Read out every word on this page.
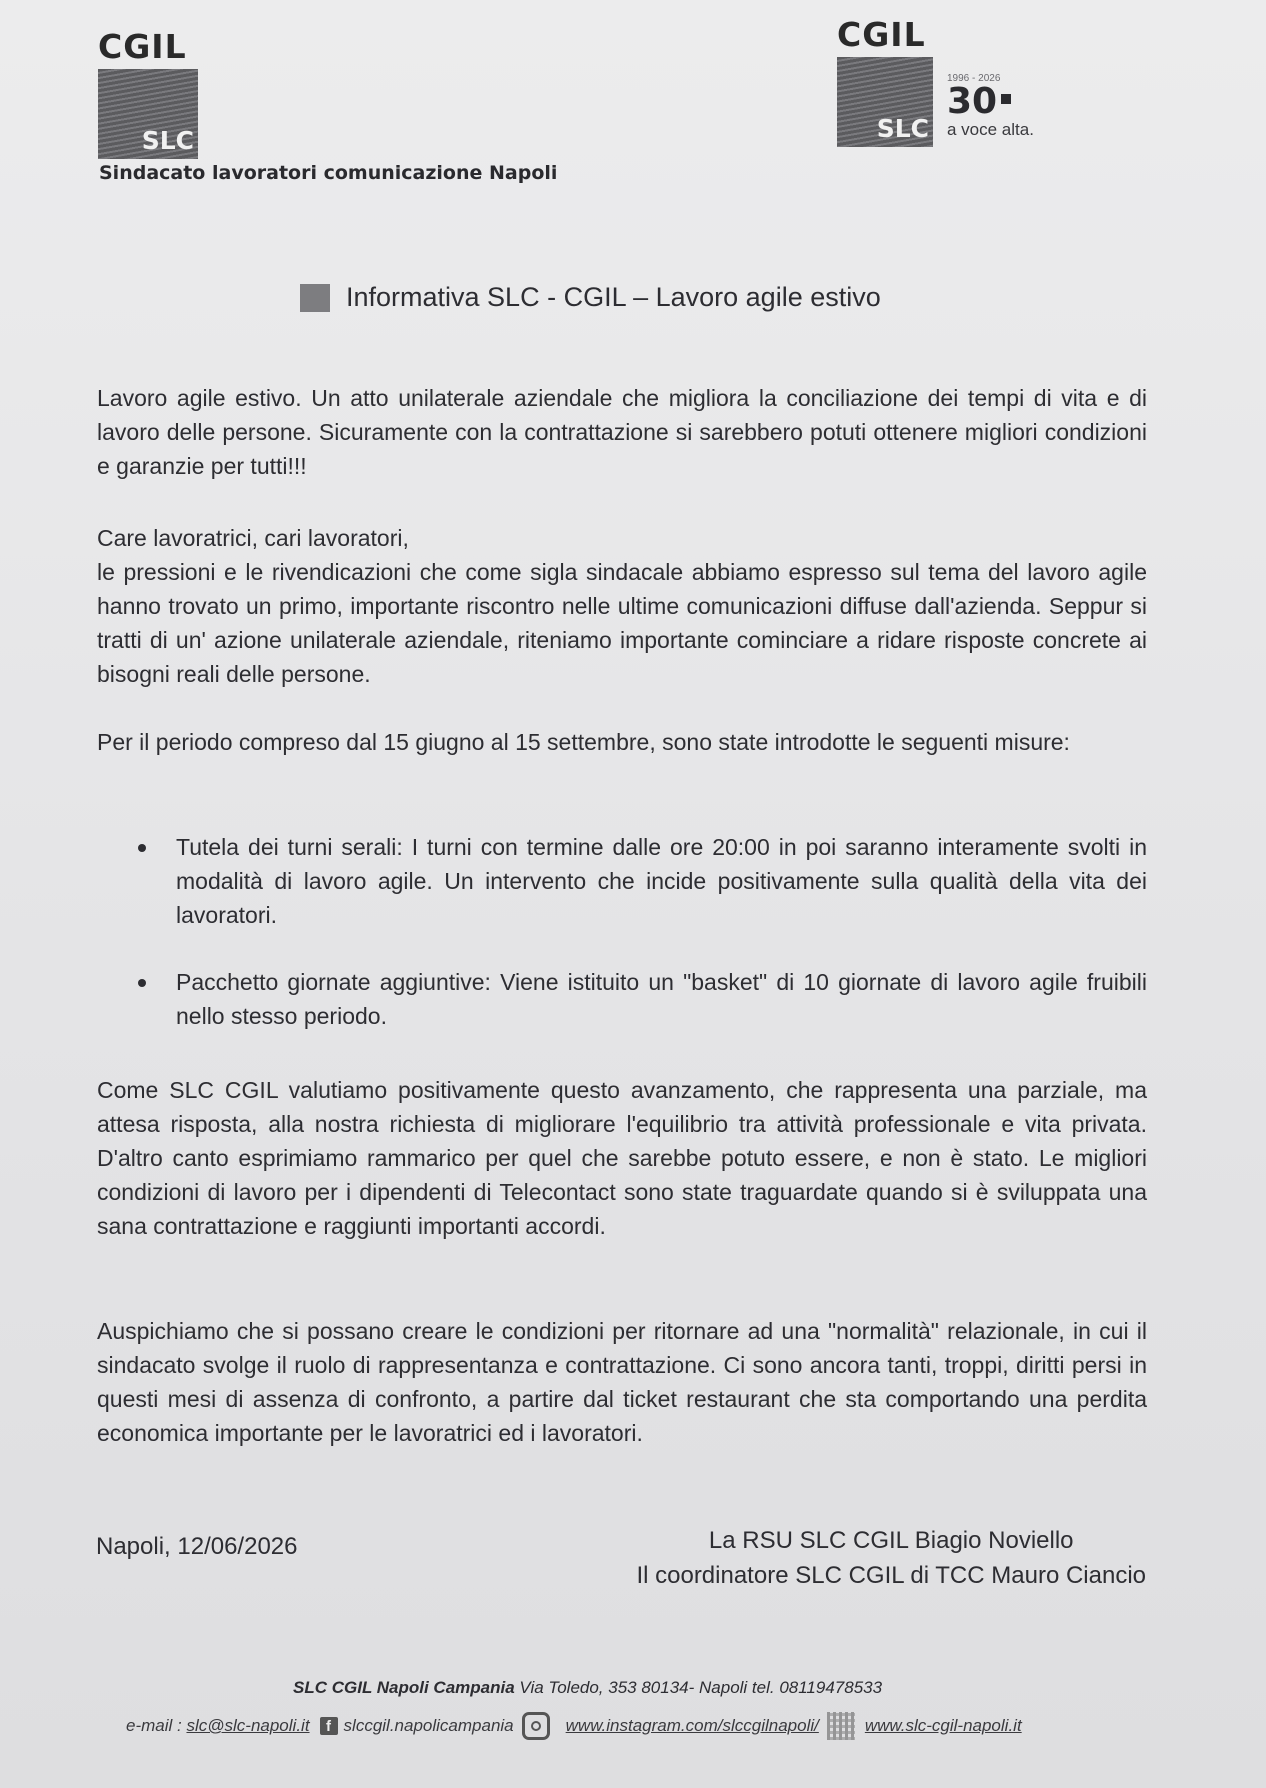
CGIL
SLC
CGIL
SLC
1996 - 2026
30
a voce alta.
Sindacato lavoratori comunicazione Napoli
Informativa SLC - CGIL – Lavoro agile estivo
Lavoro agile estivo. Un atto unilaterale aziendale che migliora la conciliazione dei tempi di vita e di lavoro delle persone. Sicuramente con la contrattazione si sarebbero potuti ottenere migliori condizioni e garanzie per tutti!!!
Care lavoratrici, cari lavoratori,
le pressioni e le rivendicazioni che come sigla sindacale abbiamo espresso sul tema del lavoro agile hanno trovato un primo, importante riscontro nelle ultime comunicazioni diffuse dall'azienda. Seppur si tratti di un' azione unilaterale aziendale, riteniamo importante cominciare a ridare risposte concrete ai bisogni reali delle persone.
Per il periodo compreso dal 15 giugno al 15 settembre, sono state introdotte le seguenti misure:
Tutela dei turni serali: I turni con termine dalle ore 20:00 in poi saranno interamente svolti in modalità di lavoro agile. Un intervento che incide positivamente sulla qualità della vita dei lavoratori.
Pacchetto giornate aggiuntive: Viene istituito un "basket" di 10 giornate di lavoro agile fruibili nello stesso periodo.
Come SLC CGIL valutiamo positivamente questo avanzamento, che rappresenta una parziale, ma attesa risposta, alla nostra richiesta di migliorare l'equilibrio tra attività professionale e vita privata. D'altro canto esprimiamo rammarico per quel che sarebbe potuto essere, e non è stato. Le migliori condizioni di lavoro per i dipendenti di Telecontact sono state traguardate quando si è sviluppata una sana contrattazione e raggiunti importanti accordi.
Auspichiamo che si possano creare le condizioni per ritornare ad una "normalità" relazionale, in cui il sindacato svolge il ruolo di rappresentanza e contrattazione. Ci sono ancora tanti, troppi, diritti persi in questi mesi di assenza di confronto, a partire dal ticket restaurant che sta comportando una perdita economica importante per le lavoratrici ed i lavoratori.
Napoli, 12/06/2026	La RSU SLC CGIL Biagio Noviello
Il coordinatore SLC CGIL di TCC Mauro Ciancio
SLC CGIL Napoli Campania Via Toledo, 353 80134- Napoli tel. 08119478533
e-mail :
slc@slc-napoli.it	f slccgil.napolicampania	www.instagram.com/slccgilnapoli/	www.slc-cgil-napoli.it
